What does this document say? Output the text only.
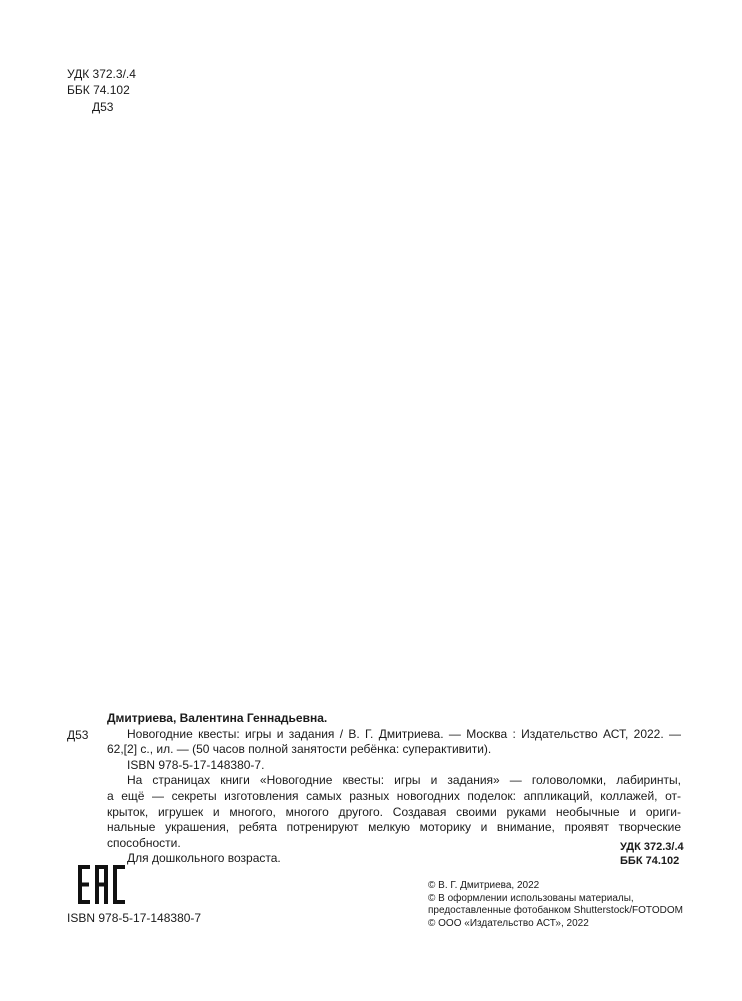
УДК 372.3/.4
ББК 74.102
Д53
Д53
Дмитриева, Валентина Геннадьевна.
Новогодние квесты: игры и задания / В. Г. Дмитриева. — Москва : Издательство АСТ, 2022. —
62,[2] с., ил. — (50 часов полной занятости ребёнка: суперактивити).
ISBN 978-5-17-148380-7.
На страницах книги «Новогодние квесты: игры и задания» — головоломки, лабиринты,
а ещё — секреты изготовления самых разных новогодних поделок: аппликаций, коллажей, от-
крыток, игрушек и многого, многого другого. Создавая своими руками необычные и ориги-
нальные украшения, ребята потренируют мелкую моторику и внимание, проявят творческие
способности.
Для дошкольного возраста.
УДК 372.3/.4
ББК 74.102
ISBN 978-5-17-148380-7
© В. Г. Дмитриева, 2022
© В оформлении использованы материалы,
предоставленные фотобанком Shutterstock/FOTODOM
© ООО «Издательство АСТ», 2022
